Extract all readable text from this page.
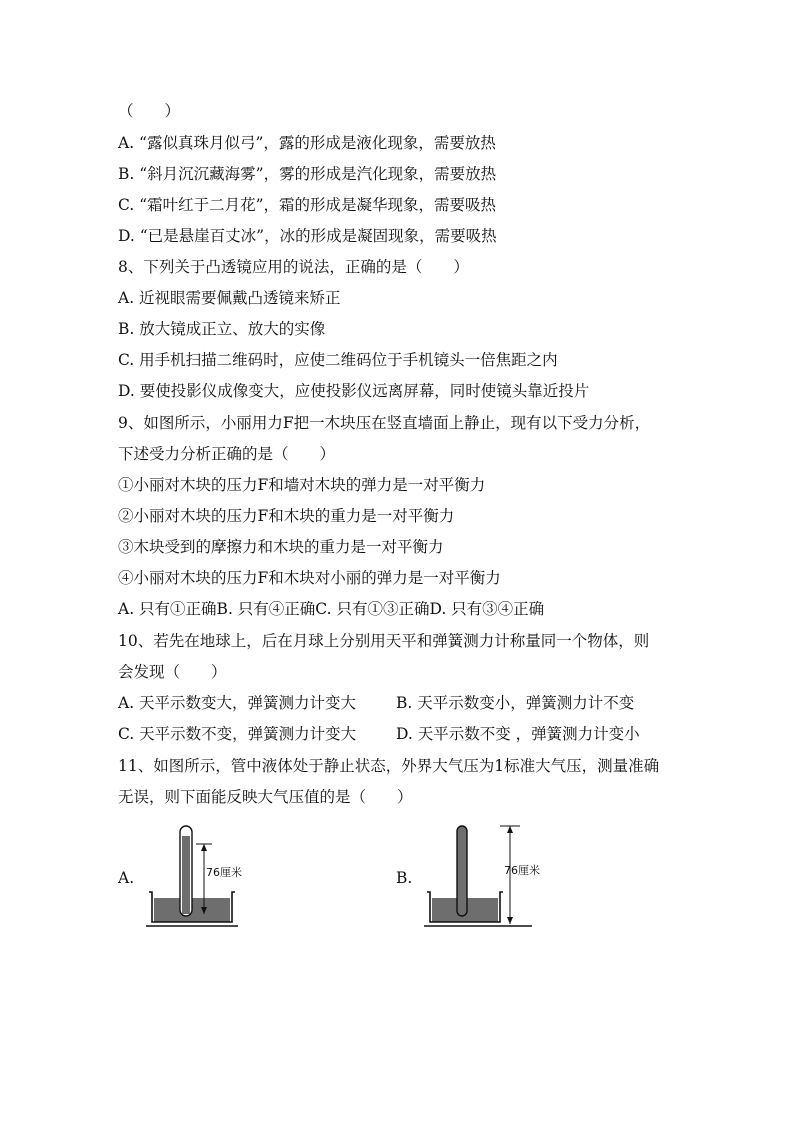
（　　）
A. “露似真珠月似弓”，露的形成是液化现象，需要放热
B. “斜月沉沉藏海雾”，雾的形成是汽化现象，需要放热
C. “霜叶红于二月花”，霜的形成是凝华现象，需要吸热
D. “已是悬崖百丈冰”，冰的形成是凝固现象，需要吸热
8、下列关于凸透镜应用的说法，正确的是（　　）
A. 近视眼需要佩戴凸透镜来矫正
B. 放大镜成正立、放大的实像
C. 用手机扫描二维码时，应使二维码位于手机镜头一倍焦距之内
D. 要使投影仪成像变大，应使投影仪远离屏幕，同时使镜头靠近投片
9、如图所示，小丽用力F把一木块压在竖直墙面上静止，现有以下受力分析，
下述受力分析正确的是（　　）
①小丽对木块的压力F和墙对木块的弹力是一对平衡力
②小丽对木块的压力F和木块的重力是一对平衡力
③木块受到的摩擦力和木块的重力是一对平衡力
④小丽对木块的压力F和木块对小丽的弹力是一对平衡力
A. 只有①正确B. 只有④正确C. 只有①③正确D. 只有③④正确
10、若先在地球上，后在月球上分别用天平和弹簧测力计称量同一个物体，则
会发现（　　）
A. 天平示数变大，弹簧测力计变大	B. 天平示数变小，弹簧测力计不变
C. 天平示数不变，弹簧测力计变大	D. 天平示数不变 ，弹簧测力计变小
11、如图所示，管中液体处于静止状态，外界大气压为1标准大气压，测量准确
无误，则下面能反映大气压值的是（　　）
A.	76厘米	B.	76厘米
